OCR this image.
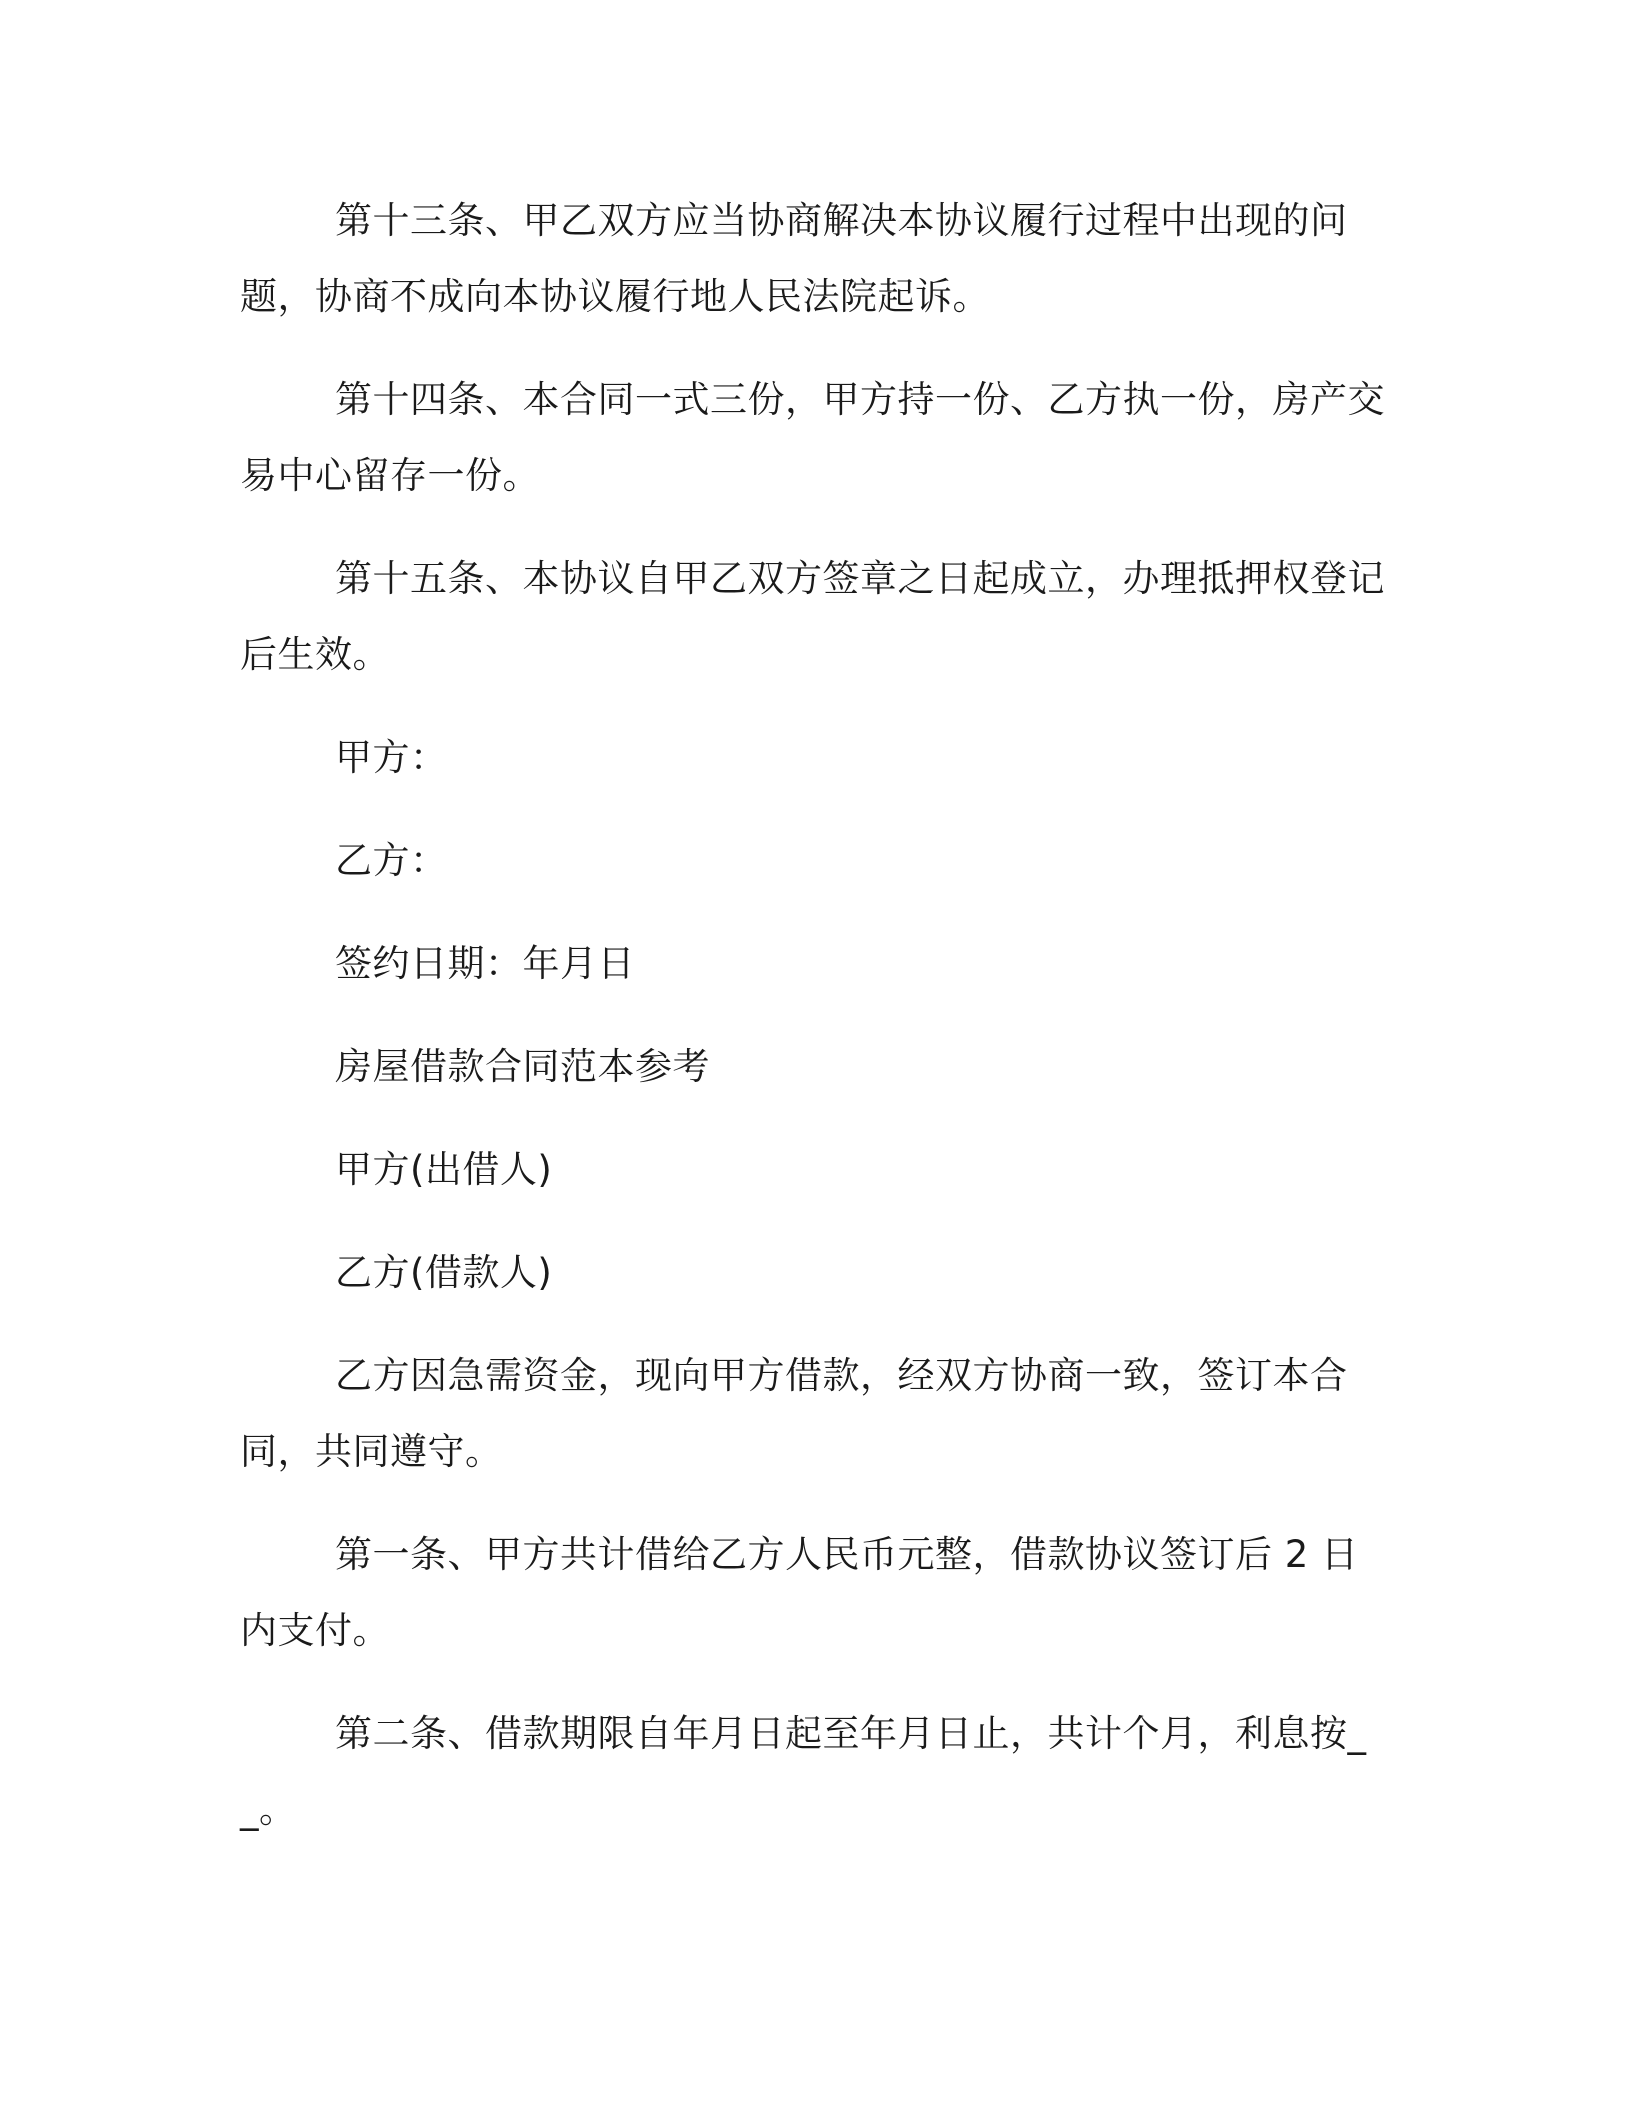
第十三条、甲乙双方应当协商解决本协议履行过程中出现的问题，协商不成向本协议履行地人民法院起诉。

第十四条、本合同一式三份，甲方持一份、乙方执一份，房产交易中心留存一份。

第十五条、本协议自甲乙双方签章之日起成立，办理抵押权登记后生效。

甲方：

乙方：

签约日期：年月日

房屋借款合同范本参考

甲方(出借人)

乙方(借款人)

乙方因急需资金，现向甲方借款，经双方协商一致，签订本合同，共同遵守。

第一条、甲方共计借给乙方人民币元整，借款协议签订后 2 日内支付。

第二条、借款期限自年月日起至年月日止，共计个月，利息按__。
